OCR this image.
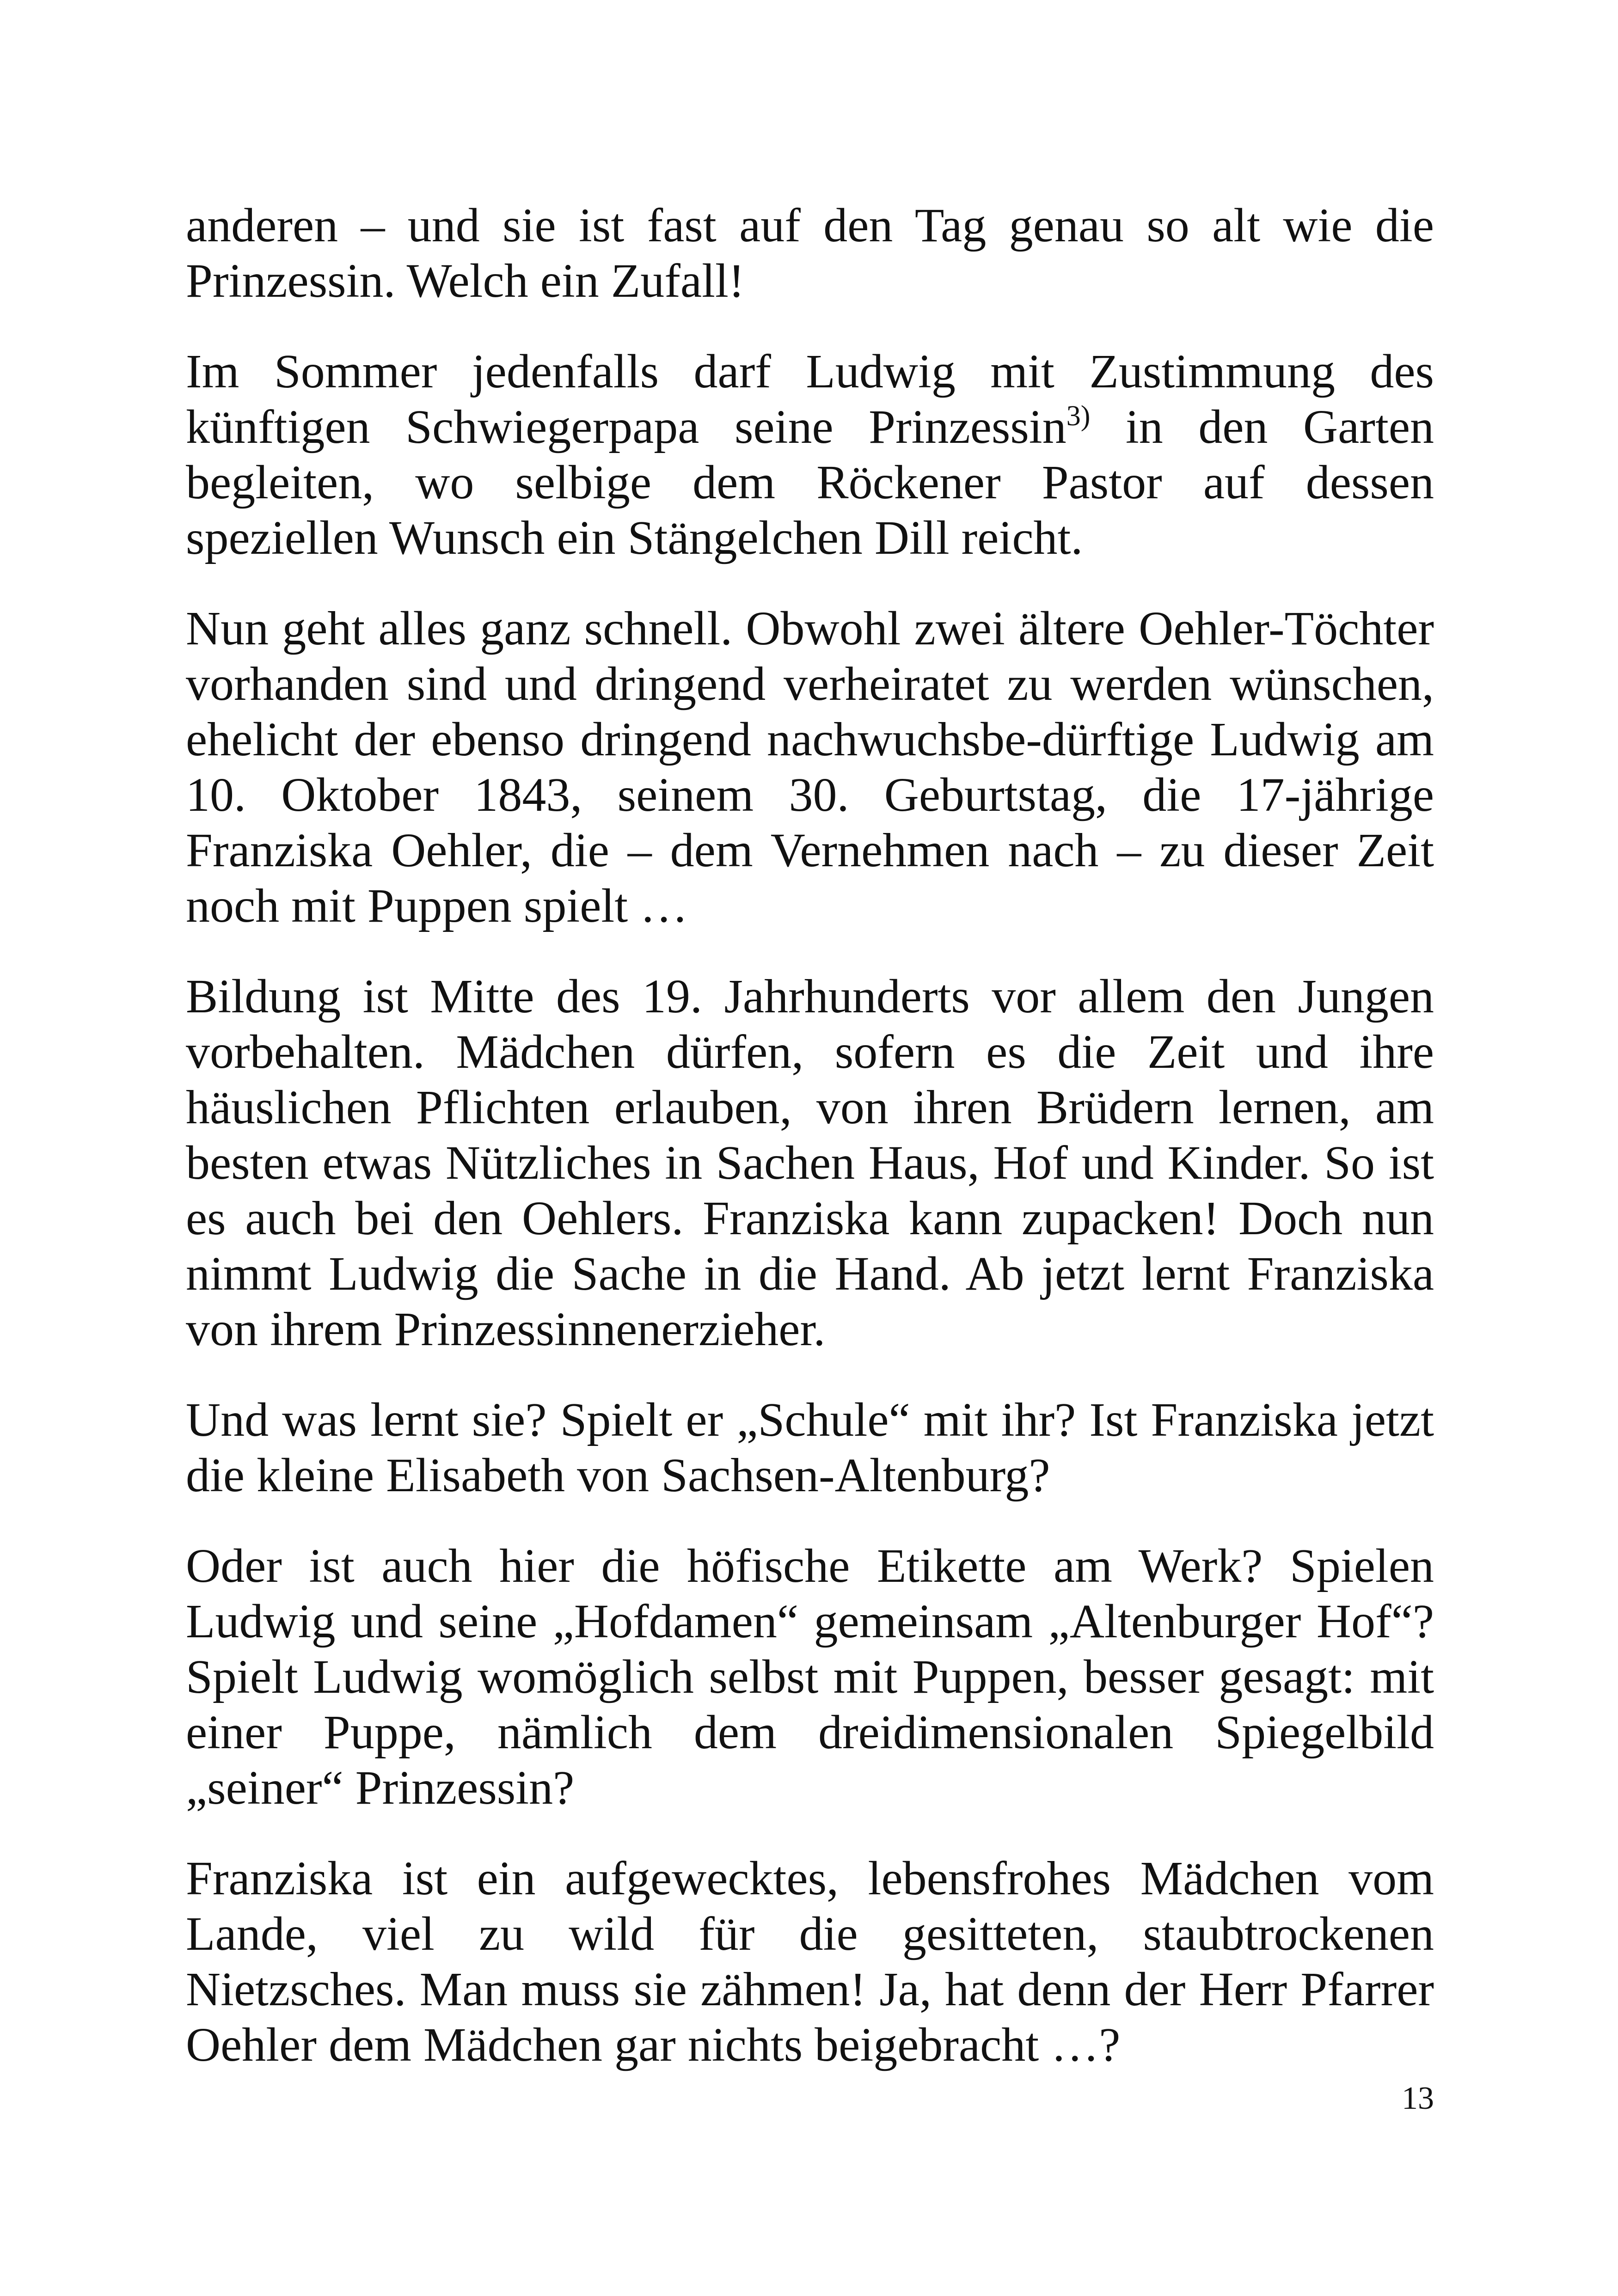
anderen – und sie ist fast auf den Tag genau so alt wie die Prinzessin. Welch ein Zufall!

Im Sommer jedenfalls darf Ludwig mit Zustimmung des künftigen Schwiegerpapa seine Prinzessin$^{3)}$ in den Garten begleiten, wo selbige dem Röckener Pastor auf dessen speziellen Wunsch ein Stängelchen Dill reicht.

Nun geht alles ganz schnell. Obwohl zwei ältere Oehler-Töchter vorhanden sind und dringend verheiratet zu werden wünschen, ehelicht der ebenso dringend nachwuchsbe-dürftige Ludwig am 10. Oktober 1843, seinem 30. Geburtstag, die 17-jährige Franziska Oehler, die – dem Vernehmen nach – zu dieser Zeit noch mit Puppen spielt …

Bildung ist Mitte des 19. Jahrhunderts vor allem den Jungen vorbehalten. Mädchen dürfen, sofern es die Zeit und ihre häuslichen Pflichten erlauben, von ihren Brüdern lernen, am besten etwas Nützliches in Sachen Haus, Hof und Kinder. So ist es auch bei den Oehlers. Franziska kann zupacken! Doch nun nimmt Ludwig die Sache in die Hand. Ab jetzt lernt Franziska von ihrem Prinzessinnenerzieher.

Und was lernt sie? Spielt er „Schule“ mit ihr? Ist Franziska jetzt die kleine Elisabeth von Sachsen-Altenburg?

Oder ist auch hier die höfische Etikette am Werk? Spielen Ludwig und seine „Hofdamen“ gemeinsam „Altenburger Hof“? Spielt Ludwig womöglich selbst mit Puppen, besser gesagt: mit einer Puppe, nämlich dem dreidimensionalen Spiegelbild „seiner“ Prinzessin?

Franziska ist ein aufgewecktes, lebensfrohes Mädchen vom Lande, viel zu wild für die gesitteten, staubtrockenen Nietzsches. Man muss sie zähmen! Ja, hat denn der Herr Pfarrer Oehler dem Mädchen gar nichts beigebracht …?

13
